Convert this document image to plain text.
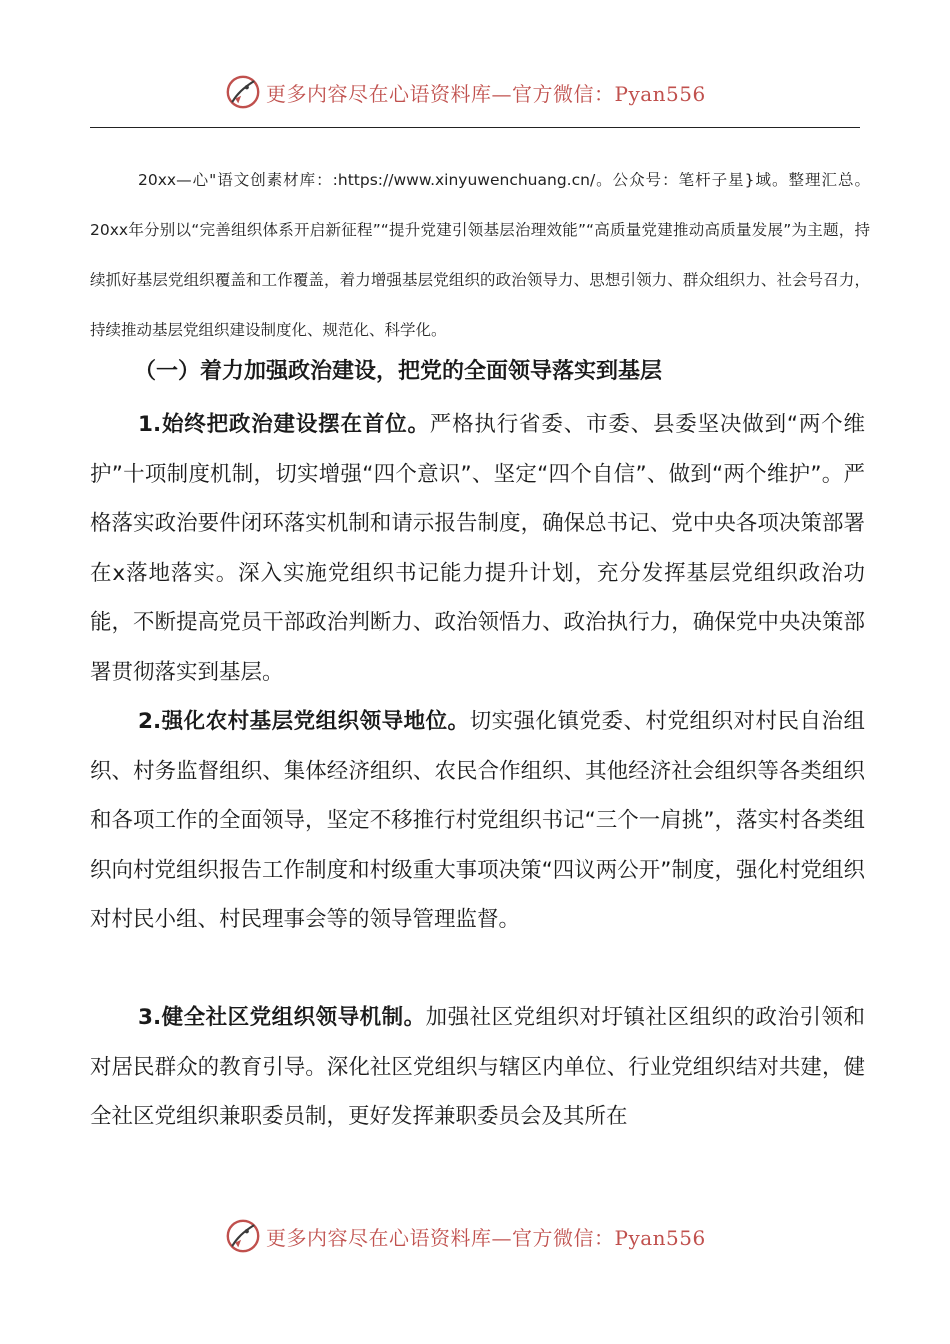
更多内容尽在心语资料库—官方微信：Pyan556
20xx—心"语文创素材库：:https://www.xinyuwenchuang.cn/。公众号：笔杆子星}域。整理汇总。20xx年分别以“完善组织体系开启新征程”“提升党建引领基层治理效能”“高质量党建推动高质量发展”为主题，持续抓好基层党组织覆盖和工作覆盖，着力增强基层党组织的政治领导力、思想引领力、群众组织力、社会号召力，持续推动基层党组织建设制度化、规范化、科学化。
（一）着力加强政治建设，把党的全面领导落实到基层
1.始终把政治建设摆在首位。严格执行省委、市委、县委坚决做到“两个维护”十项制度机制，切实增强“四个意识”、坚定“四个自信”、做到“两个维护”。严格落实政治要件闭环落实机制和请示报告制度，确保总书记、党中央各项决策部署在x落地落实。深入实施党组织书记能力提升计划，充分发挥基层党组织政治功能，不断提高党员干部政治判断力、政治领悟力、政治执行力，确保党中央决策部署贯彻落实到基层。
2.强化农村基层党组织领导地位。切实强化镇党委、村党组织对村民自治组织、村务监督组织、集体经济组织、农民合作组织、其他经济社会组织等各类组织和各项工作的全面领导，坚定不移推行村党组织书记“三个一肩挑”，落实村各类组织向村党组织报告工作制度和村级重大事项决策“四议两公开”制度，强化村党组织对村民小组、村民理事会等的领导管理监督。
3.健全社区党组织领导机制。加强社区党组织对圩镇社区组织的政治引领和对居民群众的教育引导。深化社区党组织与辖区内单位、行业党组织结对共建，健全社区党组织兼职委员制，更好发挥兼职委员会及其所在
更多内容尽在心语资料库—官方微信：Pyan556
